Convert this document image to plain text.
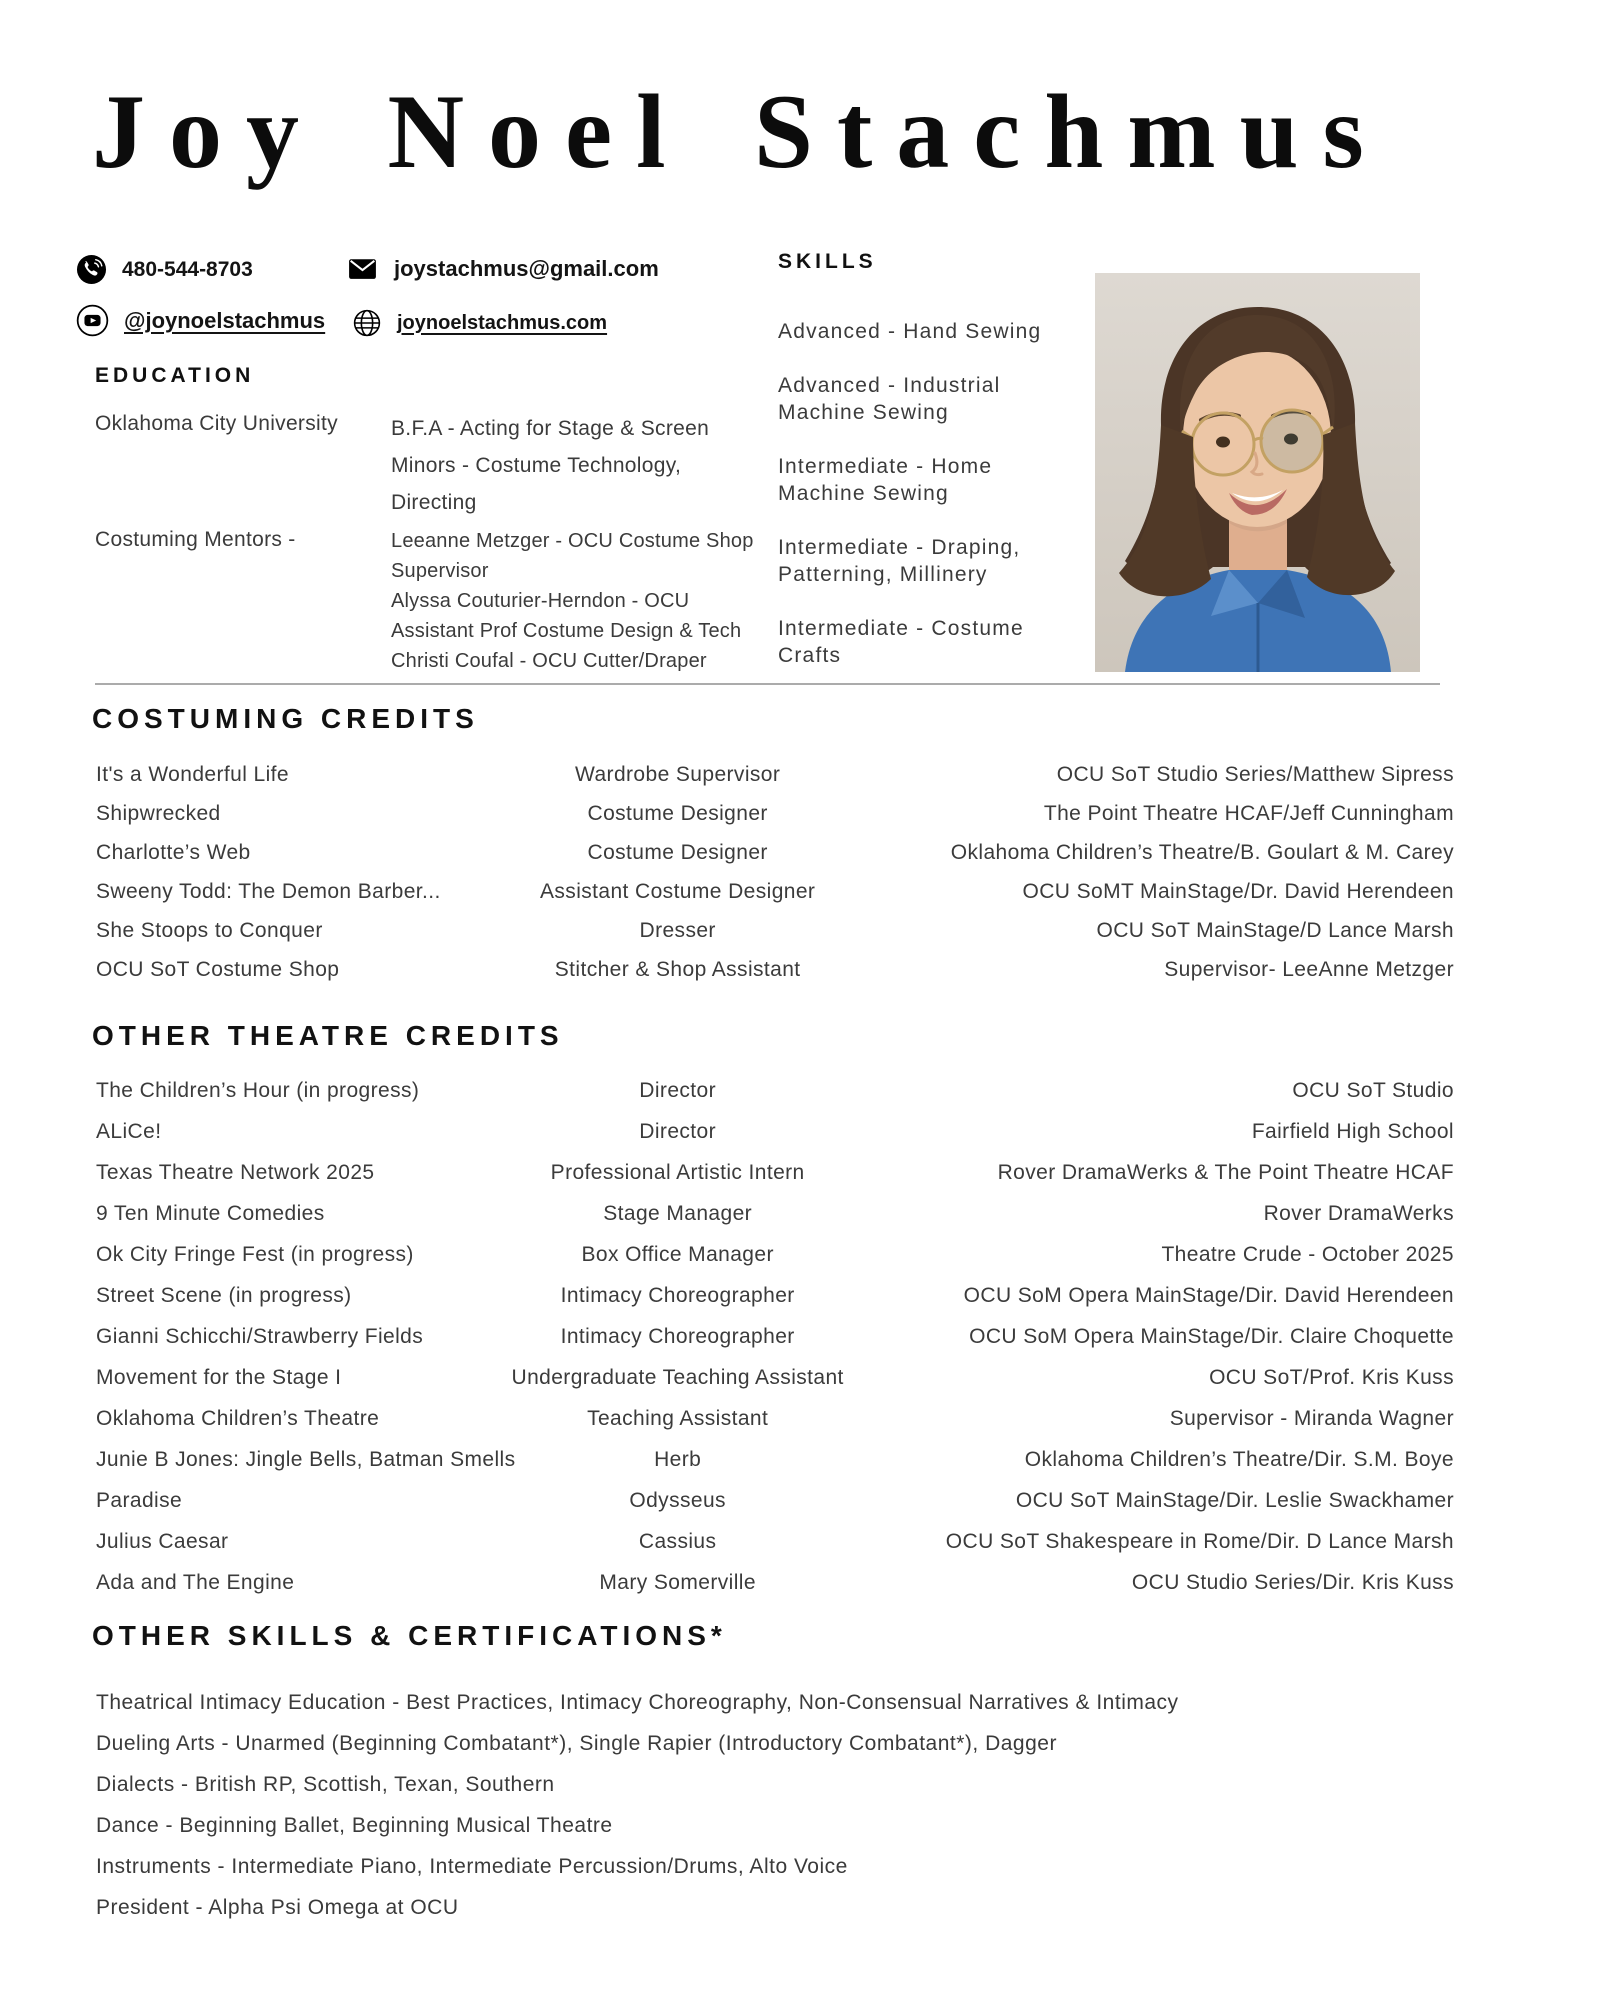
Joy Noel Stachmus
480-544-8703	joystachmus@gmail.com
@joynoelstachmus	joynoelstachmus.com
EDUCATION
Oklahoma City University	B.F.A - Acting for Stage & Screen
Minors - Costume Technology, Directing
Costuming Mentors -	Leeanne Metzger - OCU Costume Shop Supervisor
Alyssa Couturier-Herndon - OCU Assistant Prof Costume Design & Tech
Christi Coufal - OCU Cutter/Draper
SKILLS

Advanced - Hand Sewing

Advanced - Industrial Machine Sewing

Intermediate - Home Machine Sewing

Intermediate - Draping, Patterning, Millinery

Intermediate - Costume Crafts

COSTUMING CREDITS
It's a Wonderful Life	Wardrobe Supervisor	OCU SoT Studio Series/Matthew Sipress
Shipwrecked	Costume Designer	The Point Theatre HCAF/Jeff Cunningham
Charlotte’s Web	Costume Designer	Oklahoma Children’s Theatre/B. Goulart & M. Carey
Sweeny Todd: The Demon Barber...	Assistant Costume Designer	OCU SoMT MainStage/Dr. David Herendeen
She Stoops to Conquer	Dresser	OCU SoT MainStage/D Lance Marsh
OCU SoT Costume Shop	Stitcher & Shop Assistant	Supervisor- LeeAnne Metzger
OTHER THEATRE CREDITS
The Children’s Hour (in progress)	Director	OCU SoT Studio
ALiCe!	Director	Fairfield High School
Texas Theatre Network 2025	Professional Artistic Intern	Rover DramaWerks & The Point Theatre HCAF
9 Ten Minute Comedies	Stage Manager	Rover DramaWerks
Ok City Fringe Fest (in progress)	Box Office Manager	Theatre Crude - October 2025
Street Scene (in progress)	Intimacy Choreographer	OCU SoM Opera MainStage/Dir. David Herendeen
Gianni Schicchi/Strawberry Fields	Intimacy Choreographer	OCU SoM Opera MainStage/Dir. Claire Choquette
Movement for the Stage I	Undergraduate Teaching Assistant	OCU SoT/Prof. Kris Kuss
Oklahoma Children’s Theatre	Teaching Assistant	Supervisor - Miranda Wagner
Junie B Jones: Jingle Bells, Batman Smells	Herb	Oklahoma Children’s Theatre/Dir. S.M. Boye
Paradise	Odysseus	OCU SoT MainStage/Dir. Leslie Swackhamer
Julius Caesar	Cassius	OCU SoT Shakespeare in Rome/Dir. D Lance Marsh
Ada and The Engine	Mary Somerville	OCU Studio Series/Dir. Kris Kuss
OTHER SKILLS & CERTIFICATIONS*
Theatrical Intimacy Education - Best Practices, Intimacy Choreography, Non-Consensual Narratives & Intimacy
Dueling Arts - Unarmed (Beginning Combatant*), Single Rapier (Introductory Combatant*), Dagger
Dialects - British RP, Scottish, Texan, Southern
Dance - Beginning Ballet, Beginning Musical Theatre
Instruments - Intermediate Piano, Intermediate Percussion/Drums, Alto Voice
President - Alpha Psi Omega at OCU
